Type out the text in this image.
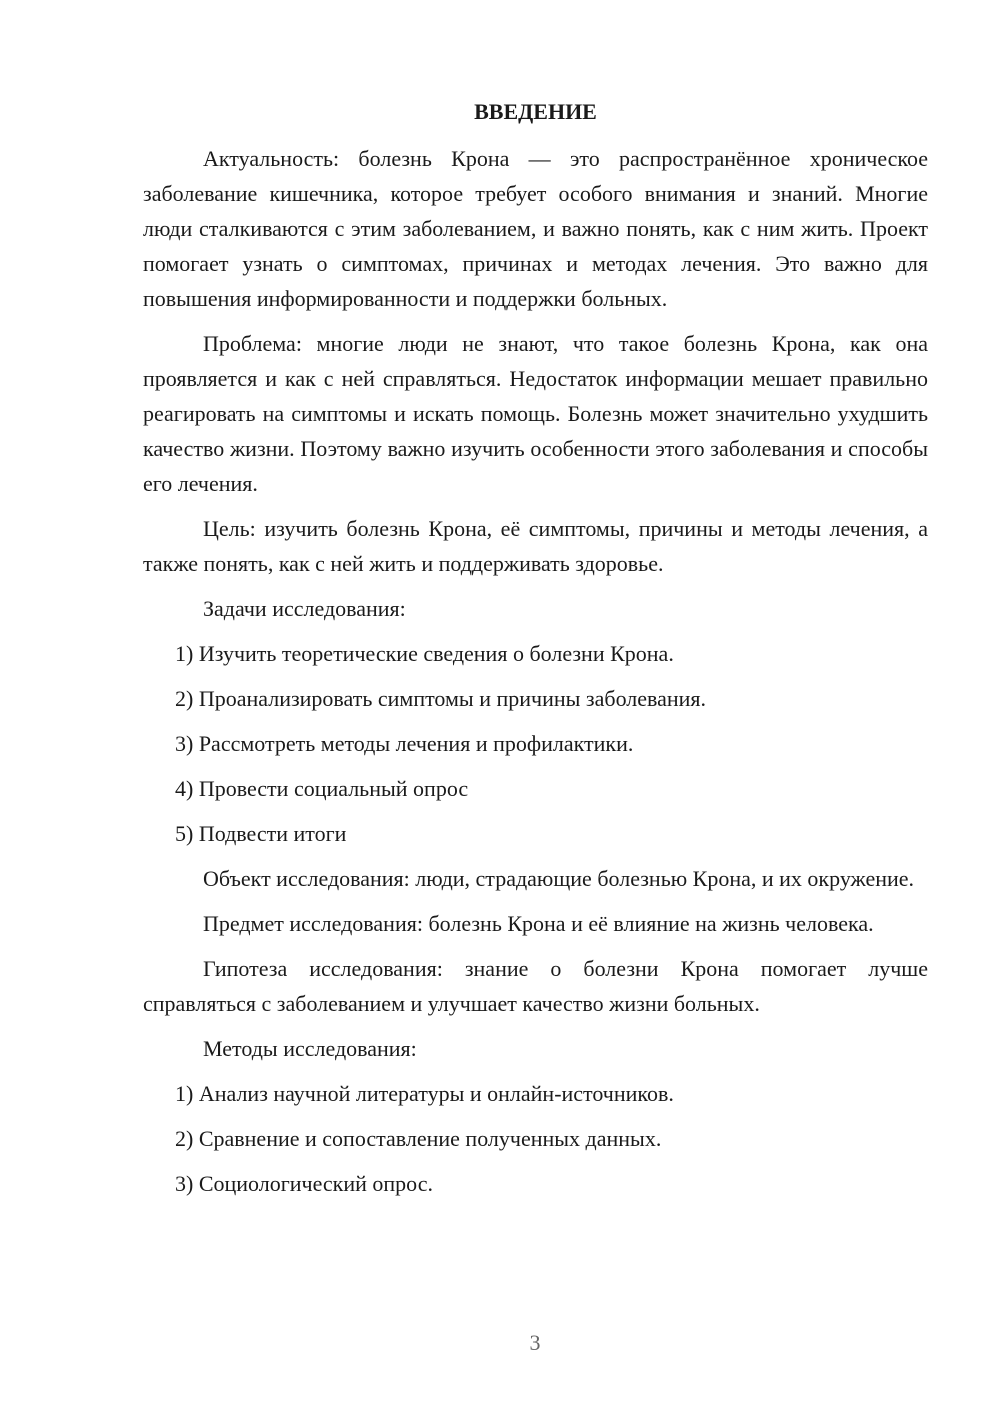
ВВЕДЕНИЕ

Актуальность: болезнь Крона — это распространённое хроническое заболевание кишечника, которое требует особого внимания и знаний. Многие люди сталкиваются с этим заболеванием, и важно понять, как с ним жить. Проект помогает узнать о симптомах, причинах и методах лечения. Это важно для повышения информированности и поддержки больных.

Проблема: многие люди не знают, что такое болезнь Крона, как она проявляется и как с ней справляться. Недостаток информации мешает правильно реагировать на симптомы и искать помощь. Болезнь может значительно ухудшить качество жизни. Поэтому важно изучить особенности этого заболевания и способы его лечения.

Цель: изучить болезнь Крона, её симптомы, причины и методы лечения, а также понять, как с ней жить и поддерживать здоровье.

Задачи исследования:

1) Изучить теоретические сведения о болезни Крона.
2) Проанализировать симптомы и причины заболевания.
3) Рассмотреть методы лечения и профилактики.
4) Провести социальный опрос
5) Подвести итоги

Объект исследования: люди, страдающие болезнью Крона, и их окружение.

Предмет исследования: болезнь Крона и её влияние на жизнь человека.

Гипотеза исследования: знание о болезни Крона помогает лучше справляться с заболеванием и улучшает качество жизни больных.

Методы исследования:

1) Анализ научной литературы и онлайн-источников.
2) Сравнение и сопоставление полученных данных.
3) Социологический опрос.
3
